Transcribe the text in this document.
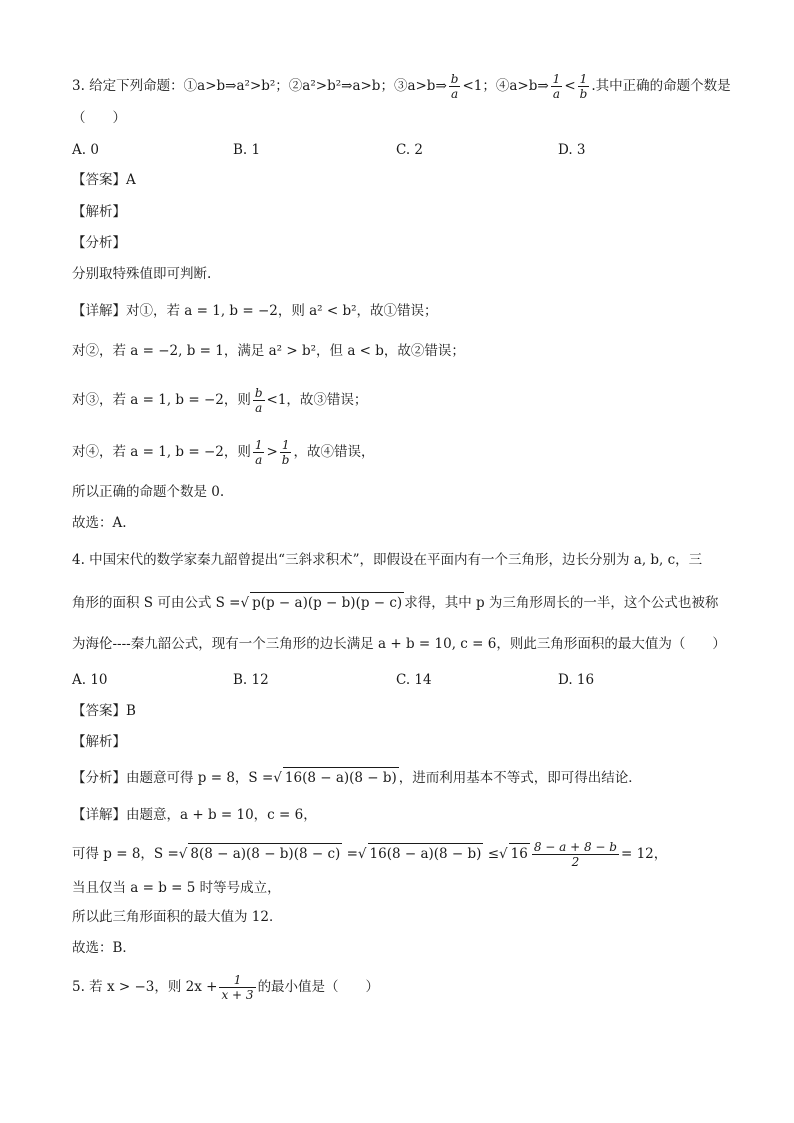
3. 给定下列命题：①a>b⇒a²>b²；②a²>b²⇒a>b；③a>b⇒ $\frac{b}{a} <1$；④a>b⇒ $\frac{1}{a} < \frac{1}{b}$ .其中正确的命题个数是
（　　）
A. 0	B. 1	C. 2	D. 3
【答案】A
【解析】
【分析】
分别取特殊值即可判断.
【详解】对①，若 a = 1, b = −2，则 a² < b²，故①错误；
对②，若 a = −2, b = 1，满足 a² > b²，但 a < b，故②错误；
对③，若 a = 1, b = −2，则 $\frac{b}{a} <1$，故③错误；
对④，若 a = 1, b = −2，则 $\frac{1}{a} > \frac{1}{b}$ ，故④错误，
所以正确的命题个数是 0.
故选：A.
4. 中国宋代的数学家秦九韶曾提出“三斜求积术”，即假设在平面内有一个三角形，边长分别为 a, b, c，三
角形的面积 S 可由公式 S =√ p(p − a)(p − b)(p − c) 求得，其中 p 为三角形周长的一半，这个公式也被称
为海伦----秦九韶公式，现有一个三角形的边长满足 a + b = 10, c = 6，则此三角形面积的最大值为（　　）
A. 10	B. 12	C. 14	D. 16
【答案】B
【解析】
【分析】由题意可得 p = 8，S =√ 16(8 − a)(8 − b) ，进而利用基本不等式，即可得出结论．
【详解】由题意，a + b = 10，c = 6，
可得 p = 8，S =√ 8(8 − a)(8 − b)(8 − c) =√ 16(8 − a)(8 − b) ≤√ $16 \frac{8 - a + 8 - b}{2} = 12$，
当且仅当 a = b = 5 时等号成立，
所以此三角形面积的最大值为 12．
故选：B．
5. 若 x > −3，则 $2x + \frac{1}{x + 3}$ 的最小值是（　　）
